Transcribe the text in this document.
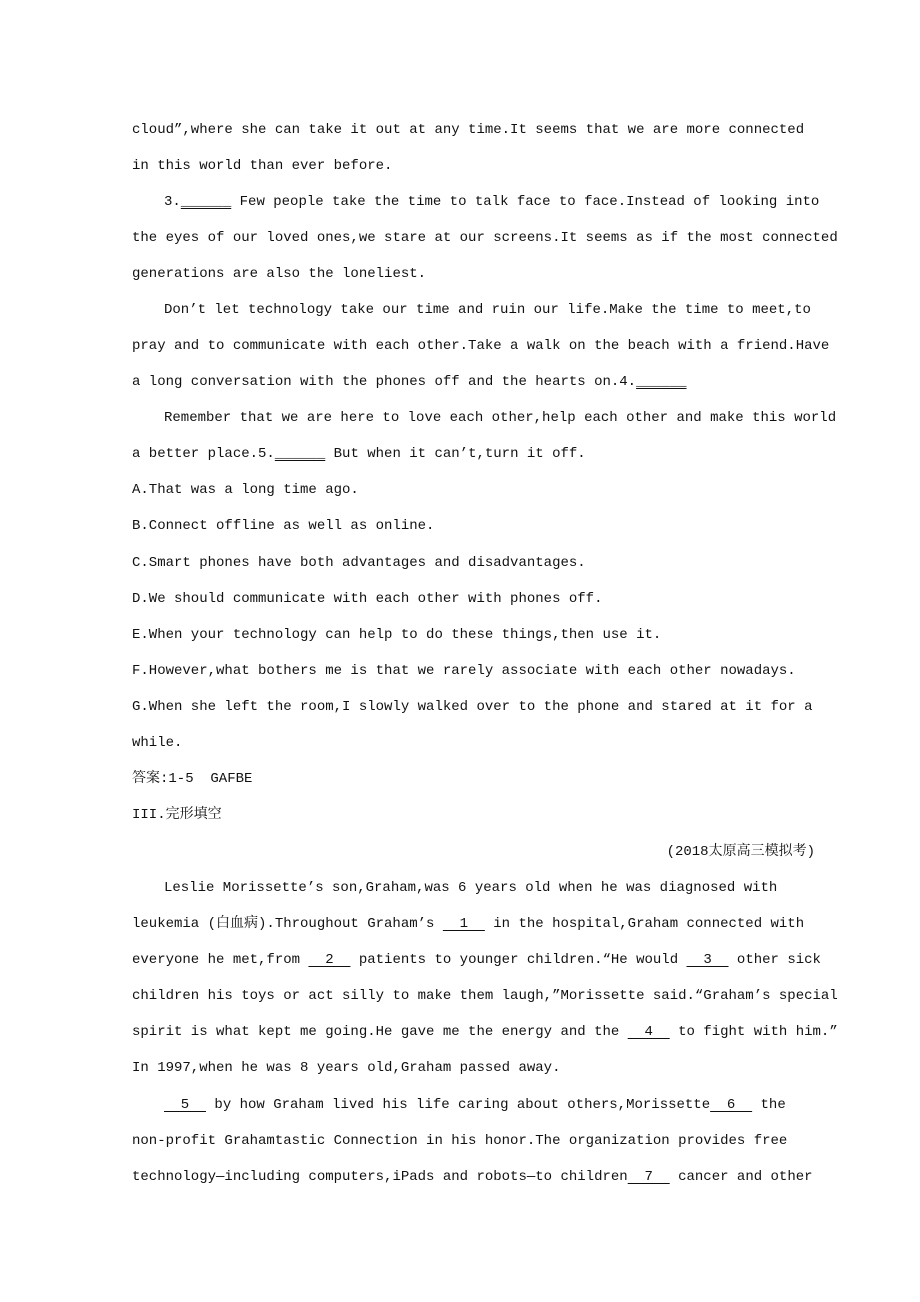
cloud”,where she can take it out at any time.It seems that we are more connected
in this world than ever before.
3.______ Few people take the time to talk face to face.Instead of looking into
the eyes of our loved ones,we stare at our screens.It seems as if the most connected
generations are also the loneliest.
Don’t let technology take our time and ruin our life.Make the time to meet,to
pray and to communicate with each other.Take a walk on the beach with a friend.Have
a long conversation with the phones off and the hearts on.4.______
Remember that we are here to love each other,help each other and make this world
a better place.5.______ But when it can’t,turn it off.
A.That was a long time ago.
B.Connect offline as well as online.
C.Smart phones have both advantages and disadvantages.
D.We should communicate with each other with phones off.
E.When your technology can help to do these things,then use it.
F.However,what bothers me is that we rarely associate with each other nowadays.
G.When she left the room,I slowly walked over to the phone and stared at it for a
while.
答案:1-5  GAFBE
III.完形填空
(2018太原高三模拟考)
Leslie Morissette’s son,Graham,was 6 years old when he was diagnosed with
leukemia (白血病).Throughout Graham’s   1   in the hospital,Graham connected with
everyone he met,from   2   patients to younger children.“He would   3   other sick
children his toys or act silly to make them laugh,”Morissette said.“Graham’s special
spirit is what kept me going.He gave me the energy and the   4   to fight with him.”
In 1997,when he was 8 years old,Graham passed away.
5   by how Graham lived his life caring about others,Morissette  6   the
non-profit Grahamtastic Connection in his honor.The organization provides free
technology—including computers,iPads and robots—to children  7   cancer and other
